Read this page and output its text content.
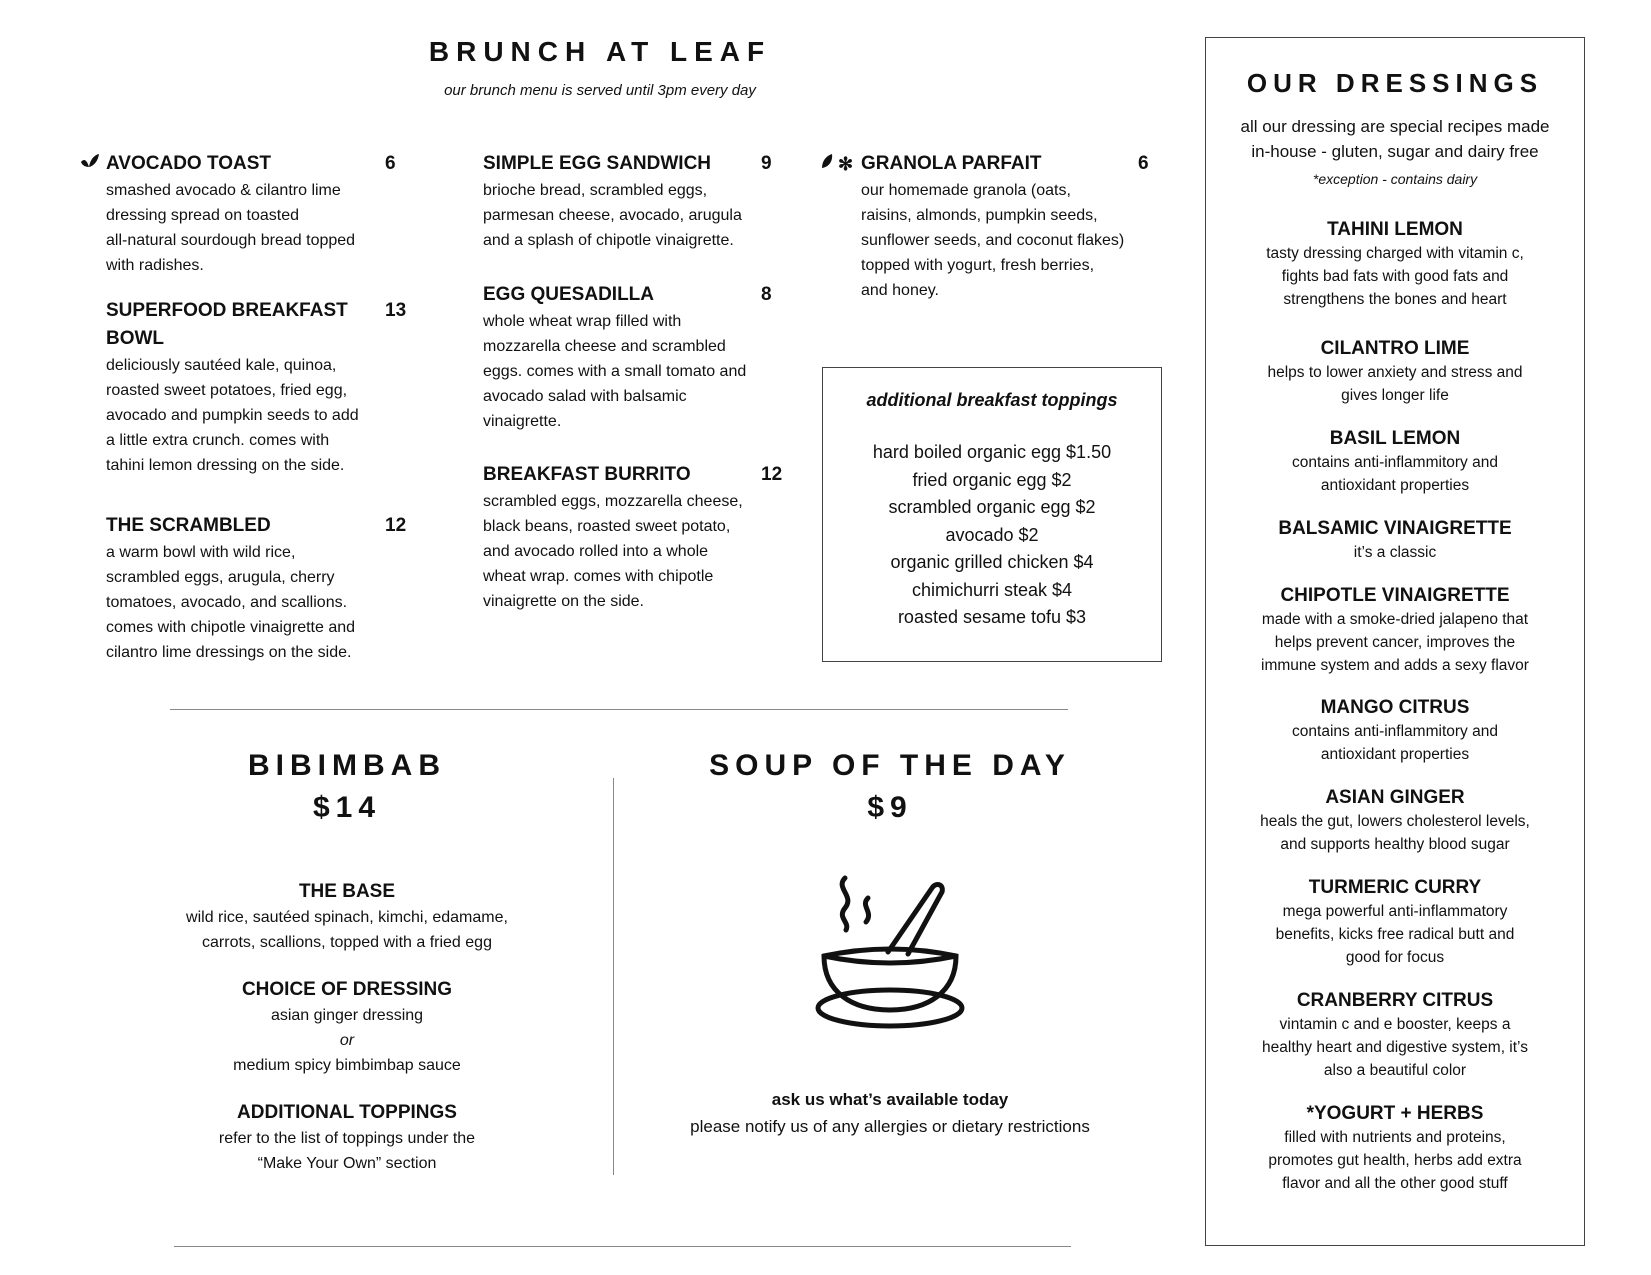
BRUNCH AT LEAF
our brunch menu is served until 3pm every day
AVOCADO TOAST
smashed avocado & cilantro lime
dressing spread on toasted
all-natural sourdough bread topped
with radishes.
6
SUPERFOOD BREAKFAST
BOWL
deliciously sautéed kale, quinoa,
roasted sweet potatoes, fried egg,
avocado and pumpkin seeds to add
a little extra crunch. comes with
tahini lemon dressing on the side.
13
THE SCRAMBLED
a warm bowl with wild rice,
scrambled eggs, arugula, cherry
tomatoes, avocado, and scallions.
comes with chipotle vinaigrette and
cilantro lime dressings on the side.
12
SIMPLE EGG SANDWICH
brioche bread, scrambled eggs,
parmesan cheese, avocado, arugula
and a splash of chipotle vinaigrette.
9
EGG QUESADILLA
whole wheat wrap filled with
mozzarella cheese and scrambled
eggs. comes with a small tomato and
avocado salad with balsamic
vinaigrette.
8
BREAKFAST BURRITO
scrambled eggs, mozzarella cheese,
black beans, roasted sweet potato,
and avocado rolled into a whole
wheat wrap. comes with chipotle
vinaigrette on the side.
12
✻ GRANOLA PARFAIT
our homemade granola (oats,
raisins, almonds, pumpkin seeds,
sunflower seeds, and coconut flakes)
topped with yogurt, fresh berries,
and honey.
6
additional breakfast toppings
hard boiled organic egg $1.50
fried organic egg $2
scrambled organic egg $2
avocado $2
organic grilled chicken $4
chimichurri steak $4
roasted sesame tofu $3
BIBIMBAB
$14
THE BASE
wild rice, sautéed spinach, kimchi, edamame,
carrots, scallions, topped with a fried egg
CHOICE OF DRESSING
asian ginger dressing
or
medium spicy bimbimbap sauce
ADDITIONAL TOPPINGS
refer to the list of toppings under the
“Make Your Own” section
SOUP OF THE DAY
$9
ask us what’s available today
please notify us of any allergies or dietary restrictions
OUR DRESSINGS
all our dressing are special recipes made
in-house - gluten, sugar and dairy free
*exception - contains dairy
TAHINI LEMON
tasty dressing charged with vitamin c,
fights bad fats with good fats and
strengthens the bones and heart
CILANTRO LIME
helps to lower anxiety and stress and
gives longer life
BASIL LEMON
contains anti-inflammitory and
antioxidant properties
BALSAMIC VINAIGRETTE
it’s a classic
CHIPOTLE VINAIGRETTE
made with a smoke-dried jalapeno that
helps prevent cancer, improves the
immune system and adds a sexy flavor
MANGO CITRUS
contains anti-inflammitory and
antioxidant properties
ASIAN GINGER
heals the gut, lowers cholesterol levels,
and supports healthy blood sugar
TURMERIC CURRY
mega powerful anti-inflammatory
benefits, kicks free radical butt and
good for focus
CRANBERRY CITRUS
vintamin c and e booster, keeps a
healthy heart and digestive system, it’s
also a beautiful color
*YOGURT + HERBS
filled with nutrients and proteins,
promotes gut health, herbs add extra
flavor and all the other good stuff
